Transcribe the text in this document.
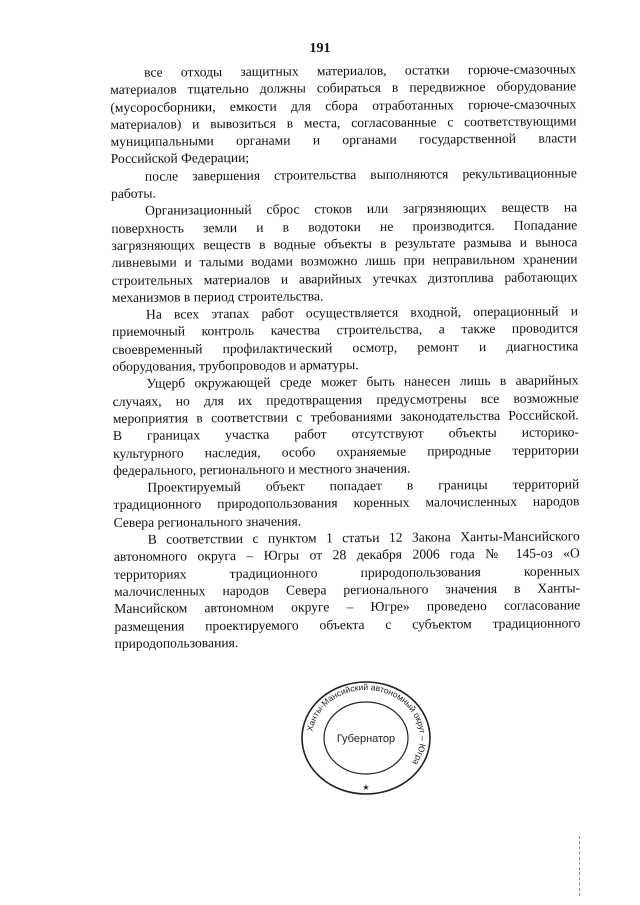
191
все отходы защитных материалов, остатки горюче-смазочных
материалов тщательно должны собираться в передвижное оборудование
(мусоросборники, емкости для сбора отработанных горюче-смазочных
материалов) и вывозиться в места, согласованные с соответствующими
муниципальными органами и органами государственной власти
Российской Федерации;
после завершения строительства выполняются рекультивационные
работы.
Организационный сброс стоков или загрязняющих веществ на
поверхность земли и в водотоки не производится. Попадание
загрязняющих веществ в водные объекты в результате размыва и выноса
ливневыми и талыми водами возможно лишь при неправильном хранении
строительных материалов и аварийных утечках дизтоплива работающих
механизмов в период строительства.
На всех этапах работ осуществляется входной, операционный и
приемочный контроль качества строительства, а также проводится
своевременный профилактический осмотр, ремонт и диагностика
оборудования, трубопроводов и арматуры.
Ущерб окружающей среде может быть нанесен лишь в аварийных
случаях, но для их предотвращения предусмотрены все возможные
мероприятия в соответствии с требованиями законодательства Российской.
В границах участка работ отсутствуют объекты историко-
культурного наследия, особо охраняемые природные территории
федерального, регионального и местного значения.
Проектируемый объект попадает в границы территорий
традиционного природопользования коренных малочисленных народов
Севера регионального значения.
В соответствии с пунктом 1 статьи 12 Закона Ханты-Мансийского
автономного округа – Югры от 28 декабря 2006 года № 145-оз «О
территориях традиционного природопользования коренных
малочисленных народов Севера регионального значения в Ханты-
Мансийском автономном округе – Югре» проведено согласование
размещения проектируемого объекта с субъектом традиционного
природопользования.
Ханты-Мансийский автономный округ – Югра
Губернатор
★
